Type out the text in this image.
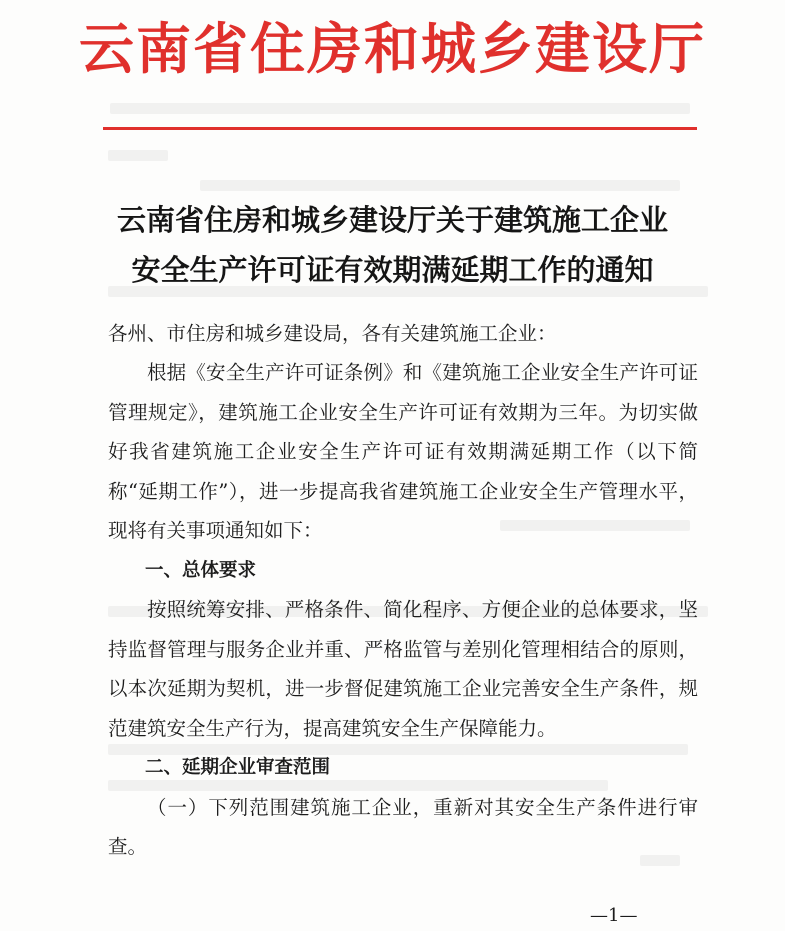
云南省住房和城乡建设厅
云南省住房和城乡建设厅关于建筑施工企业
安全生产许可证有效期满延期工作的通知
各州、市住房和城乡建设局，各有关建筑施工企业：

根据《安全生产许可证条例》和《建筑施工企业安全生产许可证管理规定》，建筑施工企业安全生产许可证有效期为三年。为切实做好我省建筑施工企业安全生产许可证有效期满延期工作（以下简称“延期工作”），进一步提高我省建筑施工企业安全生产管理水平，现将有关事项通知如下：

一、总体要求

按照统筹安排、严格条件、简化程序、方便企业的总体要求，坚持监督管理与服务企业并重、严格监管与差别化管理相结合的原则，以本次延期为契机，进一步督促建筑施工企业完善安全生产条件，规范建筑安全生产行为，提高建筑安全生产保障能力。

二、延期企业审查范围

（一）下列范围建筑施工企业，重新对其安全生产条件进行审查。

—1—
